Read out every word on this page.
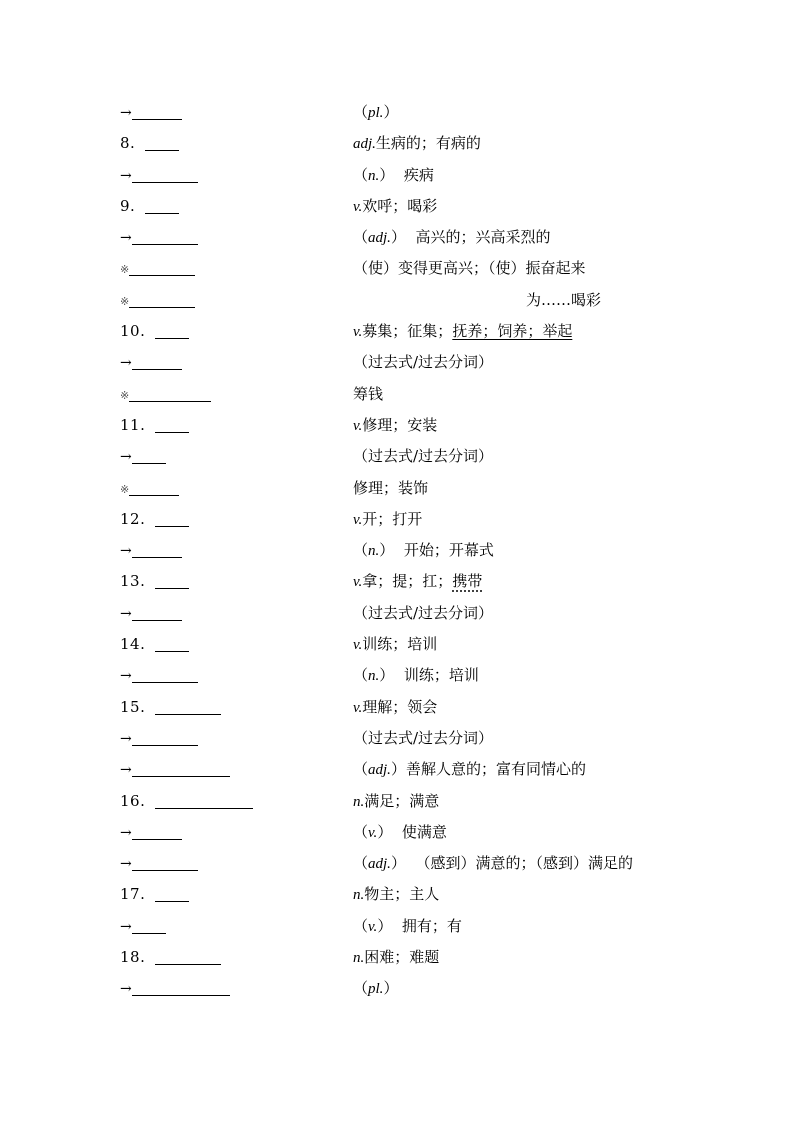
→	（pl.）
8.	adj.生病的；有病的
→	（n.）  疾病
9.	v.欢呼；喝彩
→	（adj.）  高兴的；兴高采烈的
※	（使）变得更高兴；（使）振奋起来
※	为……喝彩
10.	v.募集；征集；抚养；饲养；举起
→	（过去式/过去分词）
※	筹钱
11.	v.修理；安装
→	（过去式/过去分词）
※	修理；装饰
12.	v.开；打开
→	（n.）  开始；开幕式
13.	v.拿；提；扛；携带
→	（过去式/过去分词）
14.	v.训练；培训
→	（n.）  训练；培训
15.	v.理解；领会
→	（过去式/过去分词）
→	（adj.）善解人意的；富有同情心的
16.	n.满足；满意
→	（v.）  使满意
→	（adj.）  （感到）满意的；（感到）满足的
17.	n.物主；主人
→	（v.）  拥有；有
18.	n.困难；难题
→	（pl.）
